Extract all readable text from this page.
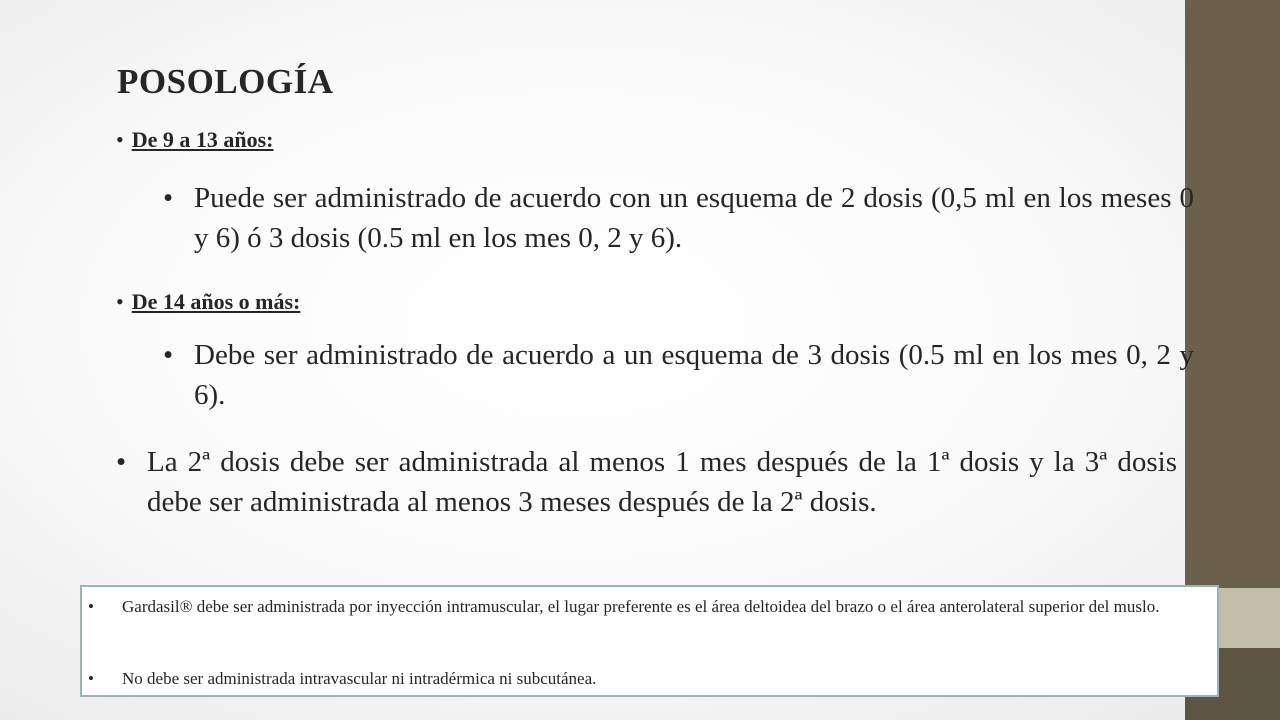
POSOLOGÍA
• De 9 a 13 años:
• Puede ser administrado de acuerdo con un esquema de 2 dosis (0,5 ml en los meses 0 y 6) ó 3 dosis (0.5 ml en los mes 0, 2 y 6).
• De 14 años o más:
• Debe ser administrado de acuerdo a un esquema de 3 dosis (0.5 ml en los mes 0, 2 y 6).
• La 2ª dosis debe ser administrada al menos 1 mes después de la 1ª dosis y la 3ª dosis debe ser administrada al menos 3 meses después de la 2ª dosis.
• Gardasil® debe ser administrada por inyección intramuscular, el lugar preferente es el área deltoidea del brazo o el área anterolateral superior del muslo.
• No debe ser administrada intravascular ni intradérmica ni subcutánea.
